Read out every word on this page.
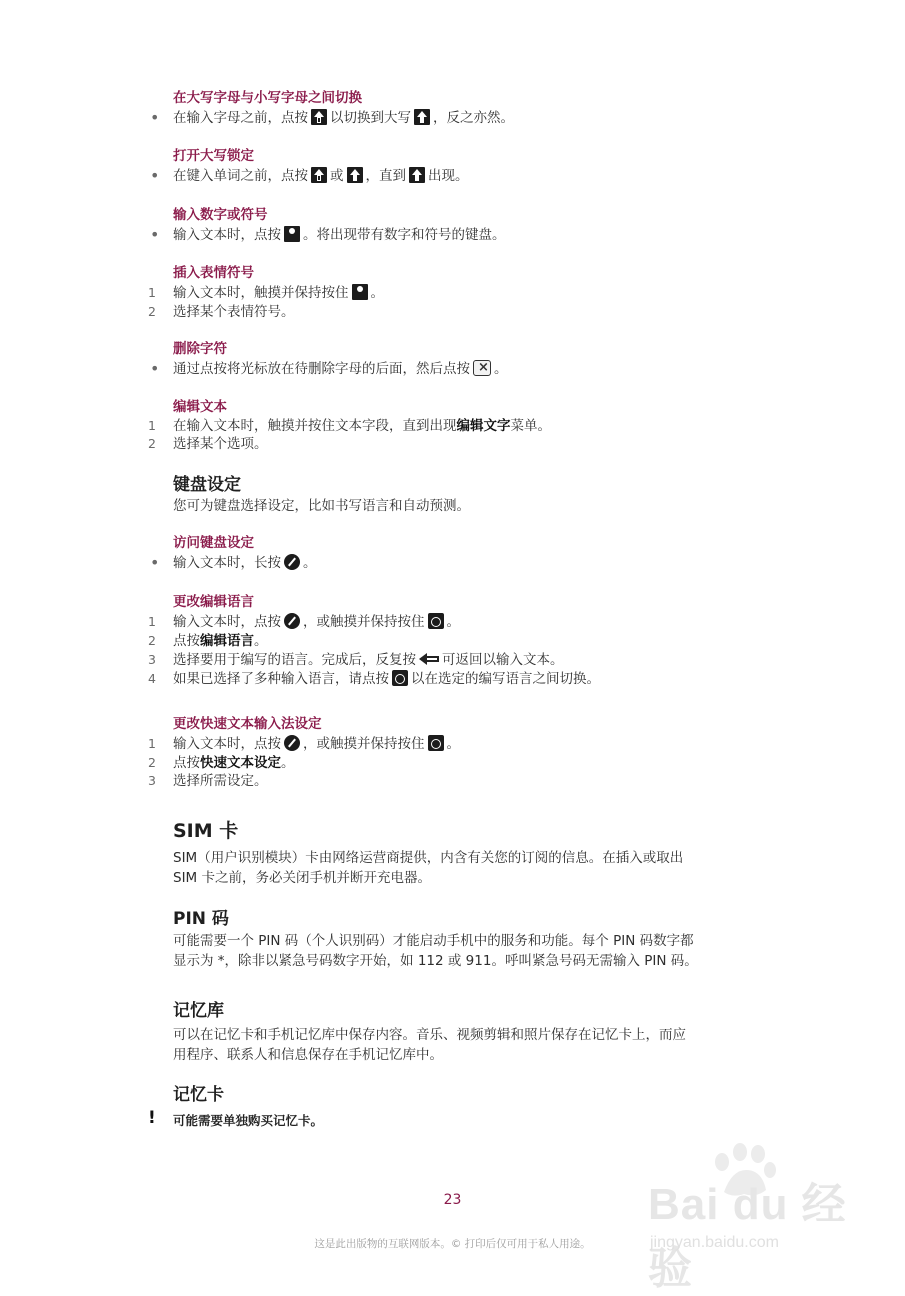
在大写字母与小写字母之间切换
•	在输入字母之前，点按 以切换到大写 ，反之亦然。
打开大写锁定
•	在键入单词之前，点按 或 ，直到 出现。
输入数字或符号
•	输入文本时，点按 。将出现带有数字和符号的键盘。
插入表情符号
1	输入文本时，触摸并保持按住 。
2	选择某个表情符号。
删除字符
•	通过点按将光标放在待删除字母的后面，然后点按× 。
编辑文本
1	在输入文本时，触摸并按住文本字段，直到出现编辑文字菜单。
2	选择某个选项。
键盘设定

您可为键盘选择设定，比如书写语言和自动预测。

访问键盘设定
•	输入文本时，长按 。
更改编辑语言
1	输入文本时，点按 ，或触摸并保持按住 。
2	点按编辑语言。
3	选择要用于编写的语言。完成后，反复按 可返回以输入文本。
4	如果已选择了多种输入语言，请点按 以在选定的编写语言之间切换。
更改快速文本输入法设定
1	输入文本时，点按 ，或触摸并保持按住 。
2	点按快速文本设定。
3	选择所需设定。
SIM 卡

SIM（用户识别模块）卡由网络运营商提供，内含有关您的订阅的信息。在插入或取出
SIM 卡之前，务必关闭手机并断开充电器。

PIN 码

可能需要一个 PIN 码（个人识别码）才能启动手机中的服务和功能。每个 PIN 码数字都
显示为 *，除非以紧急号码数字开始，如 112 或 911。呼叫紧急号码无需输入 PIN 码。

记忆库

可以在记忆卡和手机记忆库中保存内容。音乐、视频剪辑和照片保存在记忆卡上，而应
用程序、联系人和信息保存在手机记忆库中。

记忆卡
! 可能需要单独购买记忆卡。
23
这是此出版物的互联网版本。© 打印后仅可用于私人用途。
Bai du 经验
jingyan.baidu.com
